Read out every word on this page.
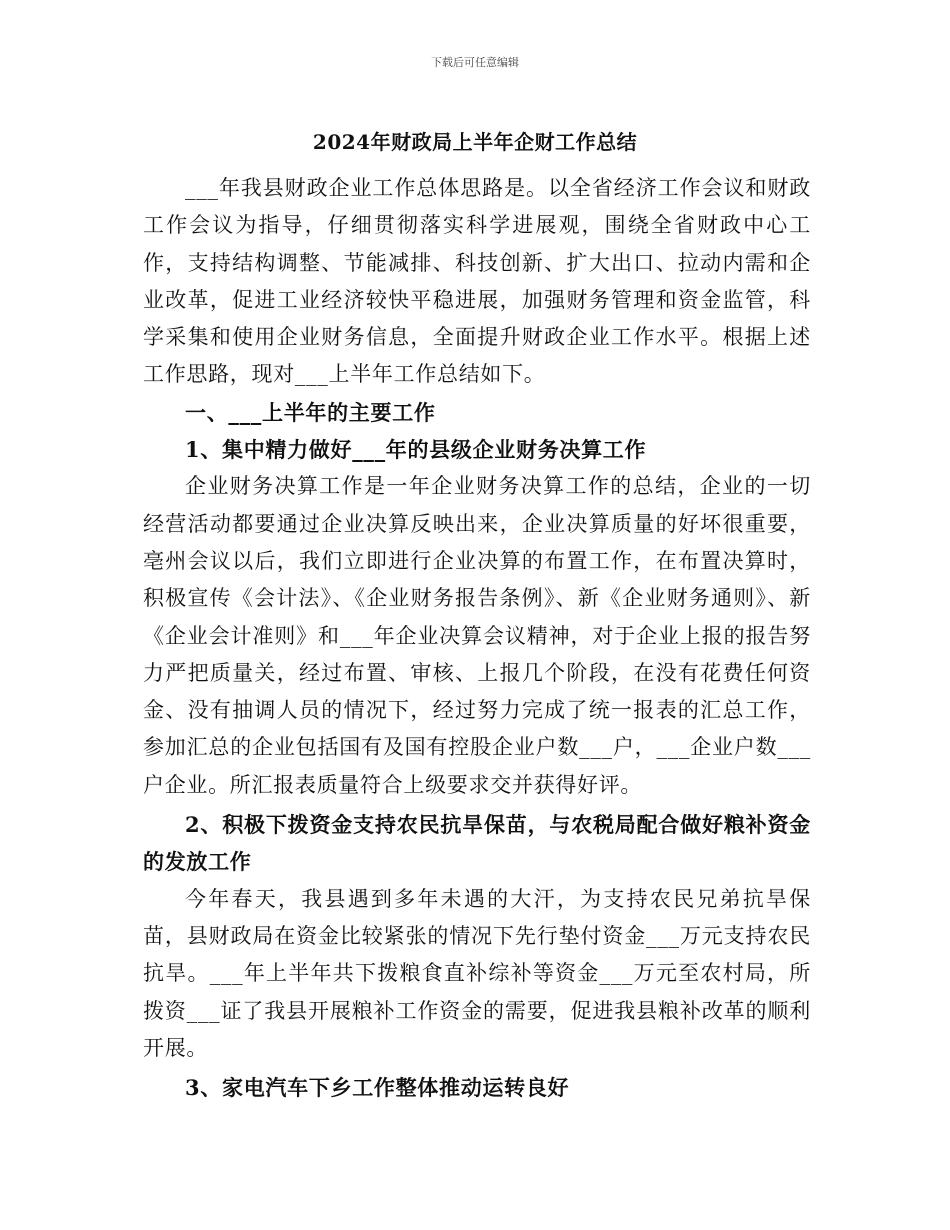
下载后可任意编辑
2024年财政局上半年企财工作总结

___年我县财政企业工作总体思路是。以全省经济工作会议和财政工作会议为指导，仔细贯彻落实科学进展观，围绕全省财政中心工作，支持结构调整、节能减排、科技创新、扩大出口、拉动内需和企业改革，促进工业经济较快平稳进展，加强财务管理和资金监管，科学采集和使用企业财务信息，全面提升财政企业工作水平。根据上述工作思路，现对___上半年工作总结如下。

一、___上半年的主要工作

1、集中精力做好___年的县级企业财务决算工作

企业财务决算工作是一年企业财务决算工作的总结，企业的一切经营活动都要通过企业决算反映出来，企业决算质量的好坏很重要，亳州会议以后，我们立即进行企业决算的布置工作，在布置决算时，积极宣传《会计法》、《企业财务报告条例》、新《企业财务通则》、新《企业会计准则》和___年企业决算会议精神，对于企业上报的报告努力严把质量关，经过布置、审核、上报几个阶段，在没有花费任何资金、没有抽调人员的情况下，经过努力完成了统一报表的汇总工作，参加汇总的企业包括国有及国有控股企业户数___户，___企业户数___户企业。所汇报表质量符合上级要求交并获得好评。

2、积极下拨资金支持农民抗旱保苗，与农税局配合做好粮补资金的发放工作

今年春天，我县遇到多年未遇的大汗，为支持农民兄弟抗旱保苗，县财政局在资金比较紧张的情况下先行垫付资金___万元支持农民抗旱。___年上半年共下拨粮食直补综补等资金___万元至农村局，所拨资___证了我县开展粮补工作资金的需要，促进我县粮补改革的顺利开展。

3、家电汽车下乡工作整体推动运转良好
